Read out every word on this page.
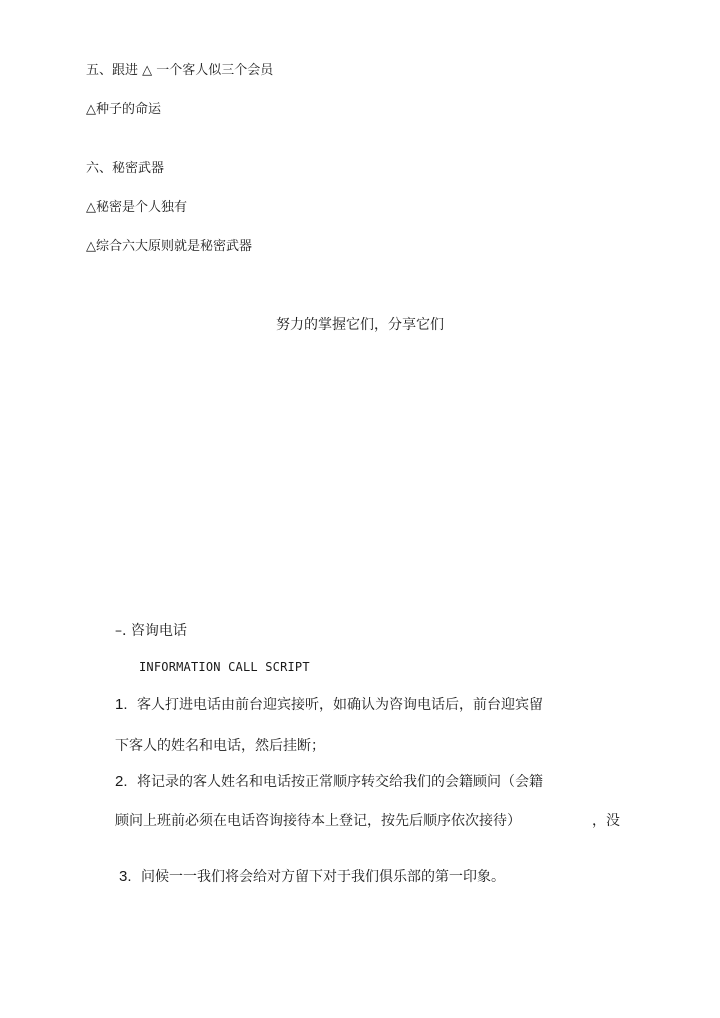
五、跟进 △ 一个客人似三个会员
△种子的命运
六、秘密武器
△秘密是个人独有
△综合六大原则就是秘密武器
努力的掌握它们，分享它们
–. 咨询电话
INFORMATION CALL SCRIPT
1. 客人打进电话由前台迎宾接听，如确认为咨询电话后，前台迎宾留
下客人的姓名和电话，然后挂断；
2. 将记录的客人姓名和电话按正常顺序转交给我们的会籍顾问（会籍
顾问上班前必须在电话咨询接待本上登记，按先后顺序依次接待）	，没
3. 问候一一我们将会给对方留下对于我们俱乐部的第一印象。
